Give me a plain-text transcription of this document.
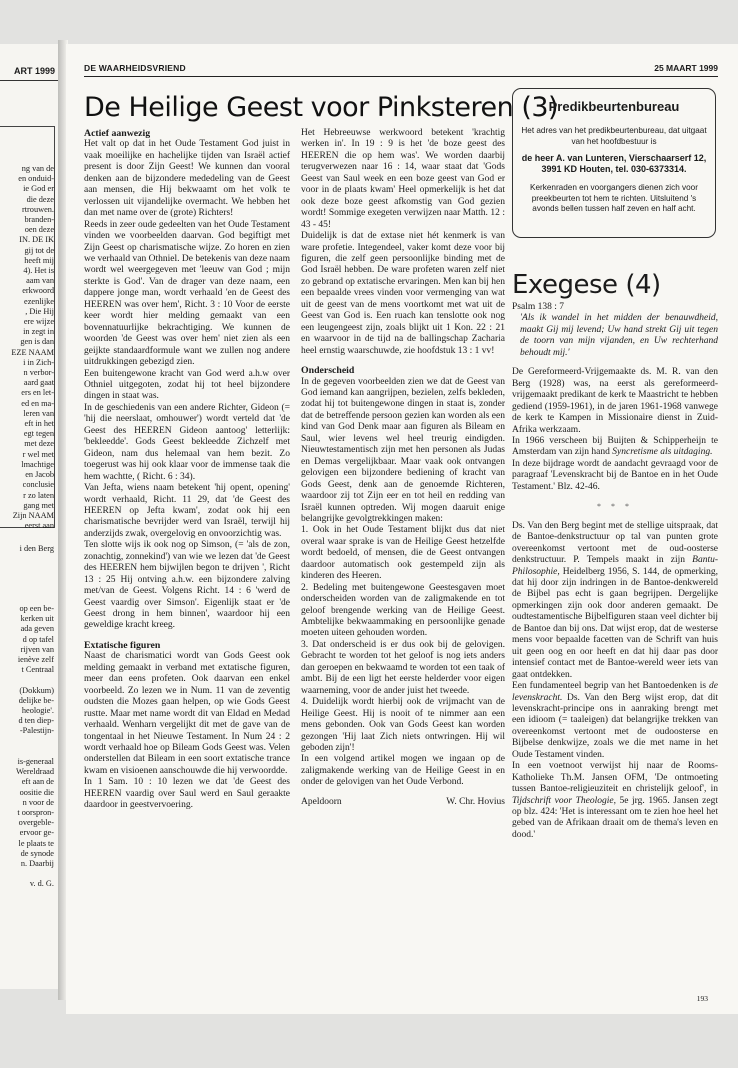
ART 1999
ng van de
en onduid-
ie God er
die deze
rtrouwen.
branden-
oen deze
IN. DE IK
gij tot de
heeft mij
4). Het is
aam van
erkwoord
ezenlijke
, Die Hij
ere wijze
in zegt in
gen is dan
EZE NAAM
i in Zich-
n verbor-
aard gaat
ers en let-
ed en ma-
leren van
eft in het
egt tegen
met deze
r wel met
lmachtige
en Jacob
conclusie
r zo laten
gang met
Zijn NAAM
eerst aan
i den Berg
op een be-
kerken uit
ada geven
d op tafel
rijven van
ienève zelf
t Centraal

(Dokkum)
delijke be-
heologie'.
d ten diep-
-Palestijn-

is-generaal
Wereldraad
eft aan de
oositie die
n voor de
t oorspron-
overgeble-
ervoor ge-
le plaats te
de synode
n. Daarbij

v. d. G.
DE WAARHEIDSVRIEND	25 MAART 1999
De Heilige Geest voor Pinksteren (3)
Actief aanwezig

Het valt op dat in het Oude Testament God juist in vaak moeilijke en hachelijke tijden van Israël actief present is door Zijn Geest! We kunnen dan vooral denken aan de bijzondere mededeling van de Geest aan mensen, die Hij bekwaamt om het volk te verlossen uit vijandelijke overmacht. We hebben het dan met name over de (grote) Richters!

Reeds in zeer oude gedeelten van het Oude Testament vinden we voorbeelden daarvan. God begiftigt met Zijn Geest op charismatische wijze. Zo horen en zien we verhaald van Othniel. De betekenis van deze naam wordt wel weergegeven met 'leeuw van God ; mijn sterkte is God'. Van de drager van deze naam, een dappere jonge man, wordt verhaald 'en de Geest des HEEREN was over hem', Richt. 3 : 10 Voor de eerste keer wordt hier melding gemaakt van een bovennatuurlijke bekrachtiging. We kunnen de woorden 'de Geest was over hem' niet zien als een geijkte standaardformule want we zullen nog andere uitdrukkingen gebezigd zien.

Een buitengewone kracht van God werd a.h.w over Othniel uitgegoten, zodat hij tot heel bijzondere dingen in staat was.

In de geschiedenis van een andere Richter, Gideon (= 'hij die neerslaat, omhouwer') wordt verteld dat 'de Geest des HEEREN Gideon aantoog' letterlijk: 'bekleedde'. Gods Geest bekleedde Zichzelf met Gideon, nam dus helemaal van hem bezit. Zo toegerust was hij ook klaar voor de immense taak die hem wachtte, ( Richt. 6 : 34).

Van Jefta, wiens naam betekent 'hij opent, opening' wordt verhaald, Richt. 11 29, dat 'de Geest des HEEREN op Jefta kwam', zodat ook hij een charismatische bevrijder werd van Israël, terwijl hij anderzijds zwak, overgelovig en onvoorzichtig was.

Ten slotte wijs ik ook nog op Simson, (= 'als de zon, zonachtig, zonnekind') van wie we lezen dat 'de Geest des HEEREN hem bijwijlen begon te drijven ', Richt 13 : 25 Hij ontving a.h.w. een bijzondere zalving met/van de Geest. Volgens Richt. 14 : 6 'werd de Geest vaardig over Simson'. Eigenlijk staat er 'de Geest drong in hem binnen', waardoor hij een geweldige kracht kreeg.

Extatische figuren

Naast de charismatici wordt van Gods Geest ook melding gemaakt in verband met extatische figuren, meer dan eens profeten. Ook daarvan een enkel voorbeeld. Zo lezen we in Num. 11 van de zeventig oudsten die Mozes gaan helpen, op wie Gods Geest rustte. Maar met name wordt dit van Eldad en Medad verhaald. Wenharn vergelijkt dit met de gave van de tongentaal in het Nieuwe Testament. In Num 24 : 2 wordt verhaald hoe op Bileam Gods Geest was. Velen onderstellen dat Bileam in een soort extatische trance kwam en visioenen aanschouwde die hij verwoordde.

In 1 Sam. 10 : 10 lezen we dat 'de Geest des HEEREN vaardig over Saul werd en Saul geraakte daardoor in geestvervoering.

Het Hebreeuwse werkwoord betekent 'krachtig werken in'. In 19 : 9 is het 'de boze geest des HEEREN die op hem was'. We worden daarbij terugverwezen naar 16 : 14, waar staat dat 'Gods Geest van Saul week en een boze geest van God er voor in de plaats kwam' Heel opmerkelijk is het dat ook deze boze geest afkomstig van God gezien wordt! Sommige exegeten verwijzen naar Matth. 12 : 43 - 45!

Duidelijk is dat de extase niet hét kenmerk is van ware profetie. Integendeel, vaker komt deze voor bij figuren, die zelf geen persoonlijke binding met de God Israël hebben. De ware profeten waren zelf niet zo gebrand op extatische ervaringen. Men kan bij hen een bepaalde vrees vinden voor vermenging van wat uit de geest van de mens voortkomt met wat uit de Geest van God is. Een ruach kan tenslotte ook nog een leugengeest zijn, zoals blijkt uit 1 Kon. 22 : 21 en waarvoor in de tijd na de ballingschap Zacharia heel ernstig waarschuwde, zie hoofdstuk 13 : 1 vv!

Onderscheid

In de gegeven voorbeelden zien we dat de Geest van God iemand kan aangrijpen, bezielen, zelfs bekleden, zodat hij tot buitengewone dingen in staat is, zonder dat de betreffende persoon gezien kan worden als een kind van God Denk maar aan figuren als Bileam en Saul, wier levens wel heel treurig eindigden. Nieuwtestamentisch zijn met hen personen als Judas en Demas vergelijkbaar. Maar vaak ook ontvangen gelovigen een bijzondere bediening of kracht van Gods Geest, denk aan de genoemde Richteren, waardoor zij tot Zijn eer en tot heil en redding van Israël kunnen optreden. Wij mogen daaruit enige belangrijke gevolgtrekkingen maken:

1. Ook in het Oude Testament blijkt dus dat niet overal waar sprake is van de Heilige Geest hetzelfde wordt bedoeld, of mensen, die de Geest ontvangen daardoor automatisch ook gestempeld zijn als kinderen des Heeren.

2. Bedeling met buitengewone Geestesgaven moet onderscheiden worden van de zaligmakende en tot geloof brengende werking van de Heilige Geest. Ambtelijke bekwaammaking en persoonlijke genade moeten uiteen gehouden worden.

3. Dat onderscheid is er dus ook bij de gelovigen. Gebracht te worden tot het geloof is nog iets anders dan geroepen en bekwaamd te worden tot een taak of ambt. Bij de een ligt het eerste helderder voor eigen waarneming, voor de ander juist het tweede.

4. Duidelijk wordt hierbij ook de vrijmacht van de Heilige Geest. Hij is nooit of te nimmer aan een mens gebonden. Ook van Gods Geest kan worden gezongen 'Hij laat Zich niets ontwringen. Hij wil geboden zijn'!

In een volgend artikel mogen we ingaan op de zaligmakende werking van de Heilige Geest in en onder de gelovigen van het Oude Verbond.

Apeldoorn	W. Chr. Hovius
Predikbeurtenbureau
Het adres van het predikbeurtenbureau, dat uitgaat van het hoofdbestuur is
de heer A. van Lunteren, Vierschaarserf 12, 3991 KD Houten, tel. 030-6373314.
Kerkenraden en voorgangers dienen zich voor preekbeurten tot hem te richten. Uitsluitend 's avonds bellen tussen half zeven en half acht.
Exegese (4)

Psalm 138 : 7

'Als ik wandel in het midden der benauwdheid, maakt Gij mij levend; Uw hand strekt Gij uit tegen de toorn van mijn vijanden, en Uw rechterhand behoudt mij.'

De Gereformeerd-Vrijgemaakte ds. M. R. van den Berg (1928) was, na eerst als gereformeerd-vrijgemaakt predikant de kerk te Maastricht te hebben gediend (1959-1961), in de jaren 1961-1968 vanwege de kerk te Kampen in Missionaire dienst in Zuid-Afrika werkzaam.

In 1966 verscheen bij Buijten & Schipperheijn te Amsterdam van zijn hand Syncretisme als uitdaging.

In deze bijdrage wordt de aandacht gevraagd voor de paragraaf 'Levenskracht bij de Bantoe en in het Oude Testament.' Blz. 42-46.

* * *

Ds. Van den Berg begint met de stellige uitspraak, dat de Bantoe-denkstructuur op tal van punten grote overeenkomst vertoont met de oud-oosterse denkstructuur. P. Tempels maakt in zijn Bantu-Philosophie, Heidelberg 1956, S. 144, de opmerking, dat hij door zijn indringen in de Bantoe-denkwereld de Bijbel pas echt is gaan begrijpen. Dergelijke opmerkingen zijn ook door anderen gemaakt. De oudtestamentische Bijbelfiguren staan veel dichter bij de Bantoe dan bij ons. Dat wijst erop, dat de westerse mens voor bepaalde facetten van de Schrift van huis uit geen oog en oor heeft en dat hij daar pas door intensief contact met de Bantoe-wereld weer iets van gaat ontdekken.

Een fundamenteel begrip van het Bantoedenken is de levenskracht. Ds. Van den Berg wijst erop, dat dit levenskracht-principe ons in aanraking brengt met een idioom (= taaleigen) dat belangrijke trekken van overeenkomst vertoont met de oudoosterse en Bijbelse denkwijze, zoals we die met name in het Oude Testament vinden.

In een voetnoot verwijst hij naar de Rooms-Katholieke Th.M. Jansen OFM, 'De ontmoeting tussen Bantoe-religieuziteit en christelijk geloof', in Tijdschrift voor Theologie, 5e jrg. 1965. Jansen zegt op blz. 424: 'Het is interessant om te zien hoe heel het gebed van de Afrikaan draait om de thema's leven en dood.'

193
